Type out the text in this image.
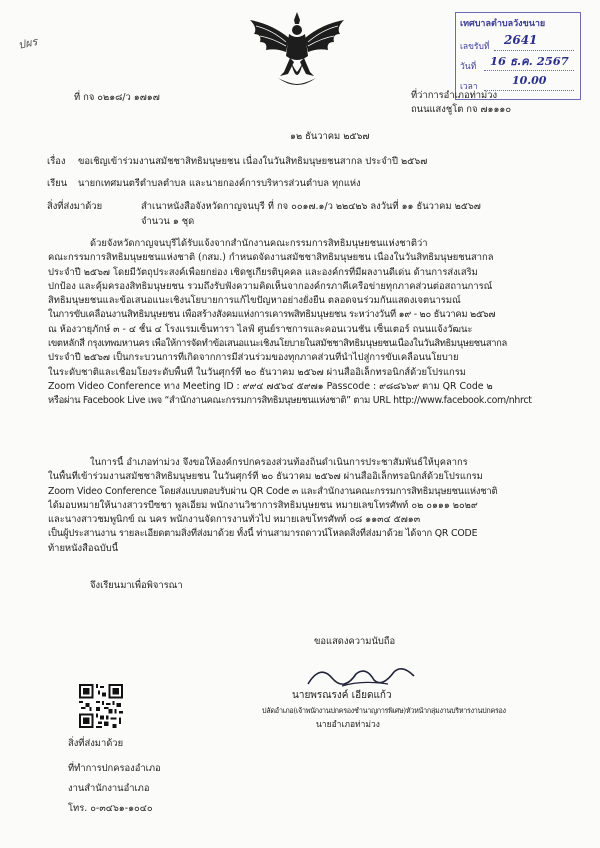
ปผร
เทศบาลตำบลวังขนาย
เลขรับที่ 2641
วันที่ 16 ธ.ค. 2567
เวลา	10.00
ที่ กจ ๐๒๑๘/ว ๑๗๑๗	ที่ว่าการอำเภอท่าม่วง
ถนนแสงชูโต กจ ๗๑๑๑๐
๑๒ ธันวาคม ๒๕๖๗
เรื่อง ขอเชิญเข้าร่วมงานสมัชชาสิทธิมนุษยชน เนื่องในวันสิทธิมนุษยชนสากล ประจำปี ๒๕๖๗
เรียน นายกเทศมนตรีตำบลตำบล และนายกองค์การบริหารส่วนตำบล ทุกแห่ง
สิ่งที่ส่งมาด้วย	สำเนาหนังสือจังหวัดกาญจนบุรี ที่ กจ ๐๐๑๗.๑/ว ๒๒๔๒๖ ลงวันที่ ๑๑ ธันวาคม ๒๕๖๗
จำนวน ๑ ชุด
ด้วยจังหวัดกาญจนบุรีได้รับแจ้งจากสำนักงานคณะกรรมการสิทธิมนุษยชนแห่งชาติว่า
คณะกรรมการสิทธิมนุษยชนแห่งชาติ (กสม.) กำหนดจัดงานสมัชชาสิทธิมนุษยชน เนื่องในวันสิทธิมนุษยชนสากล
ประจำปี ๒๕๖๗ โดยมีวัตถุประสงค์เพื่อยกย่อง เชิดชูเกียรติบุคคล และองค์กรที่มีผลงานดีเด่น ด้านการส่งเสริม
ปกป้อง และคุ้มครองสิทธิมนุษยชน รวมถึงรับฟังความคิดเห็นจากองค์กรภาคีเครือข่ายทุกภาคส่วนต่อสถานการณ์
สิทธิมนุษยชนและข้อเสนอแนะเชิงนโยบายการแก้ไขปัญหาอย่างยั่งยืน ตลอดจนร่วมกันแสดงเจตนารมณ์
ในการขับเคลื่อนงานสิทธิมนุษยชน เพื่อสร้างสังคมแห่งการเคารพสิทธิมนุษยชน ระหว่างวันที่ ๑๙ - ๒๐ ธันวาคม ๒๕๖๗
ณ ห้องวายุภักษ์ ๓ - ๔ ชั้น ๔ โรงแรมเซ็นทารา ไลฟ์ ศูนย์ราชการและคอนเวนชัน เซ็นเตอร์ ถนนแจ้งวัฒนะ
เขตหลักสี่ กรุงเทพมหานคร เพื่อให้การจัดทำข้อเสนอแนะเชิงนโยบายในสมัชชาสิทธิมนุษยชนเนื่องในวันสิทธิมนุษยชนสากล
ประจำปี ๒๕๖๗ เป็นกระบวนการที่เกิดจากการมีส่วนร่วมของทุกภาคส่วนที่นำไปสู่การขับเคลื่อนนโยบาย
ในระดับชาติและเชื่อมโยงระดับพื้นที่ ในวันศุกร์ที่ ๒๐ ธันวาคม ๒๕๖๗ ผ่านสื่ออิเล็กทรอนิกส์ด้วยโปรแกรม
Zoom Video Conference ทาง Meeting ID : ๙๙๔ ๗๕๖๔ ๕๙๗๑ Passcode : ๙๘๘๖๖๙ ตาม QR Code ๒
หรือผ่าน Facebook Live เพจ “สำนักงานคณะกรรมการสิทธิมนุษยชนแห่งชาติ” ตาม URL http://www.facebook.com/nhrct
ในการนี้ อำเภอท่าม่วง จึงขอให้องค์กรปกครองส่วนท้องถิ่นดำเนินการประชาสัมพันธ์ให้บุคลากร
ในพื้นที่เข้าร่วมงานสมัชชาสิทธิมนุษยชน ในวันศุกร์ที่ ๒๐ ธันวาคม ๒๕๖๗ ผ่านสื่ออิเล็กทรอนิกส์ด้วยโปรแกรม
Zoom Video Conference โดยส่งแบบตอบรับผ่าน QR Code ๓ และสำนักงานคณะกรรมการสิทธิมนุษยชนแห่งชาติ
ได้มอบหมายให้นางสาวรบีซชา พูลเอี่ยม พนักงานวิชาการสิทธิมนุษยชน หมายเลขโทรศัพท์ ๐๒ ๐๑๑๑ ๒๐๒๙
และนางสาวชมพูนิกข์ ณ นคร พนักงานจัดการงานทั่วไป หมายเลขโทรศัพท์ ๐๘ ๑๑๓๔ ๕๗๑๓
เป็นผู้ประสานงาน รายละเอียดตามสิ่งที่ส่งมาด้วย ทั้งนี้ ท่านสามารถดาวน์โหลดสิ่งที่ส่งมาด้วย ได้จาก QR CODE
ท้ายหนังสือฉบับนี้
จึงเรียนมาเพื่อพิจารณา
ขอแสดงความนับถือ
นายพรณรงค์ เอียดแก้ว
ปลัดอำเภอ(เจ้าพนักงานปกครองชำนาญการพิเศษ)หัวหน้ากลุ่มงานบริหารงานปกครอง
นายอำเภอท่าม่วง
สิ่งที่ส่งมาด้วย
ที่ทำการปกครองอำเภอ
งานสำนักงานอำเภอ
โทร. ๐-๓๔๖๑-๑๐๔๐
